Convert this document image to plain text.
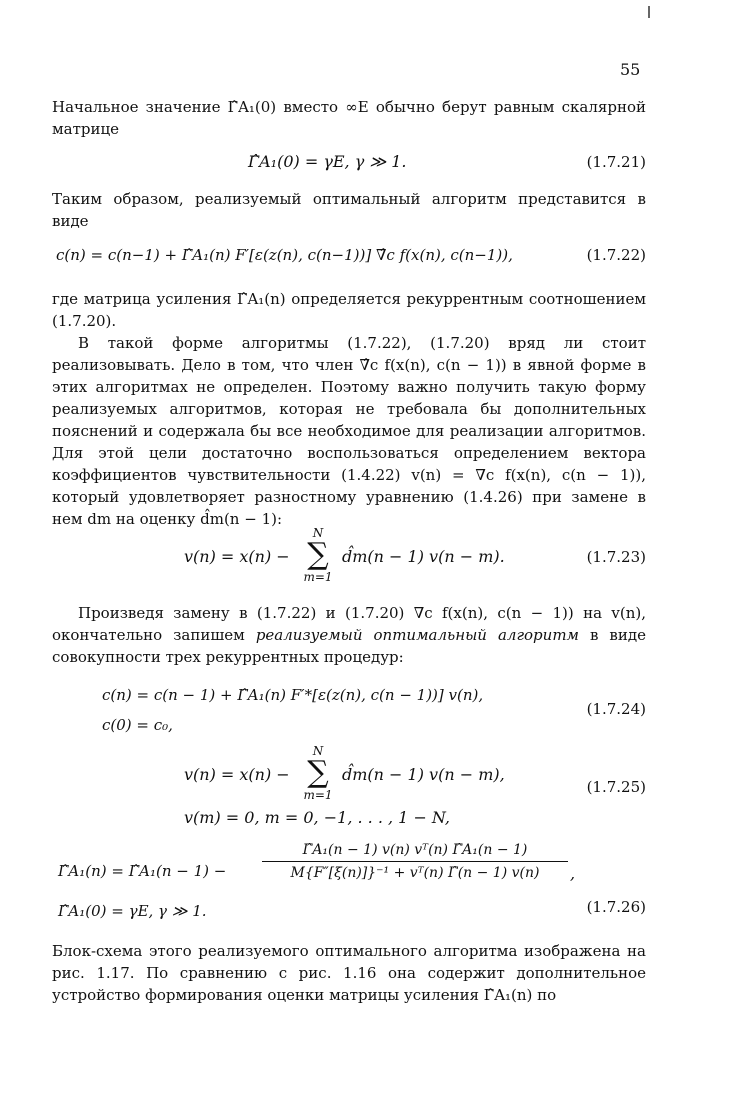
55

Начальное значение Γ̂A₁(0) вместо ∞E обычно берут равным скалярной матрице

Γ̂A₁(0) = γE, γ ≫ 1.	(1.7.21)

Таким образом, реализуемый оптимальный алгоритм представится в виде

c(n) = c(n−1) + Γ̂A₁(n) F′[ε(z(n), c(n−1))] ∇̂c f(x(n), c(n−1)),	(1.7.22)

где матрица усиления Γ̂A₁(n) определяется рекуррентным соотношением (1.7.20).

В такой форме алгоритмы (1.7.22), (1.7.20) вряд ли стоит реализовывать. Дело в том, что член ∇̂c f(x(n), c(n − 1)) в явной форме в этих алгоритмах не определен. Поэтому важно получить такую форму реализуемых алгоритмов, которая не требовала бы дополнительных пояснений и содержала бы все необходимое для реализации алгоритмов. Для этой цели достаточно воспользоваться определением вектора коэффициентов чувствительности (1.4.22) v(n) = ∇c f(x(n), c(n − 1)), который удовлетворяет разностному уравнению (1.4.26) при замене в нем dm на оценку d̂m(n − 1):

v(n) = x(n) −
N
∑
m=1
d̂m(n − 1) v(n − m).	(1.7.23)

Произведя замену в (1.7.22) и (1.7.20) ∇c f(x(n), c(n − 1)) на v(n), окончательно запишем реализуемый оптимальный алгоритм в виде совокупности трех рекуррентных процедур:

c(n) = c(n − 1) + Γ̂A₁(n) F′*[ε(z(n), c(n − 1))] v(n),
c(0) = c₀,
(1.7.24)
v(n) = x(n) −
N
∑
m=1
d̂m(n − 1) v(n − m),
v(m) = 0, m = 0, −1, . . . , 1 − N,
(1.7.25)
Γ̂A₁(n) = Γ̂A₁(n − 1) −	$\frac{\text{Γ̂A₁(n − 1) v(n) vᵀ(n) Γ̂A₁(n − 1)}}{\text{M\{F″[ξ(n)]\}⁻¹ + vᵀ(n) Γ̂(n − 1) v(n)}}$ ,
Γ̂A₁(0) = γE, γ ≫ 1.	(1.7.26)

Блок-схема этого реализуемого оптимального алгоритма изображена на рис. 1.17. По сравнению с рис. 1.16 она содержит дополнительное устройство формирования оценки матрицы усиления Γ̂A₁(n) по
